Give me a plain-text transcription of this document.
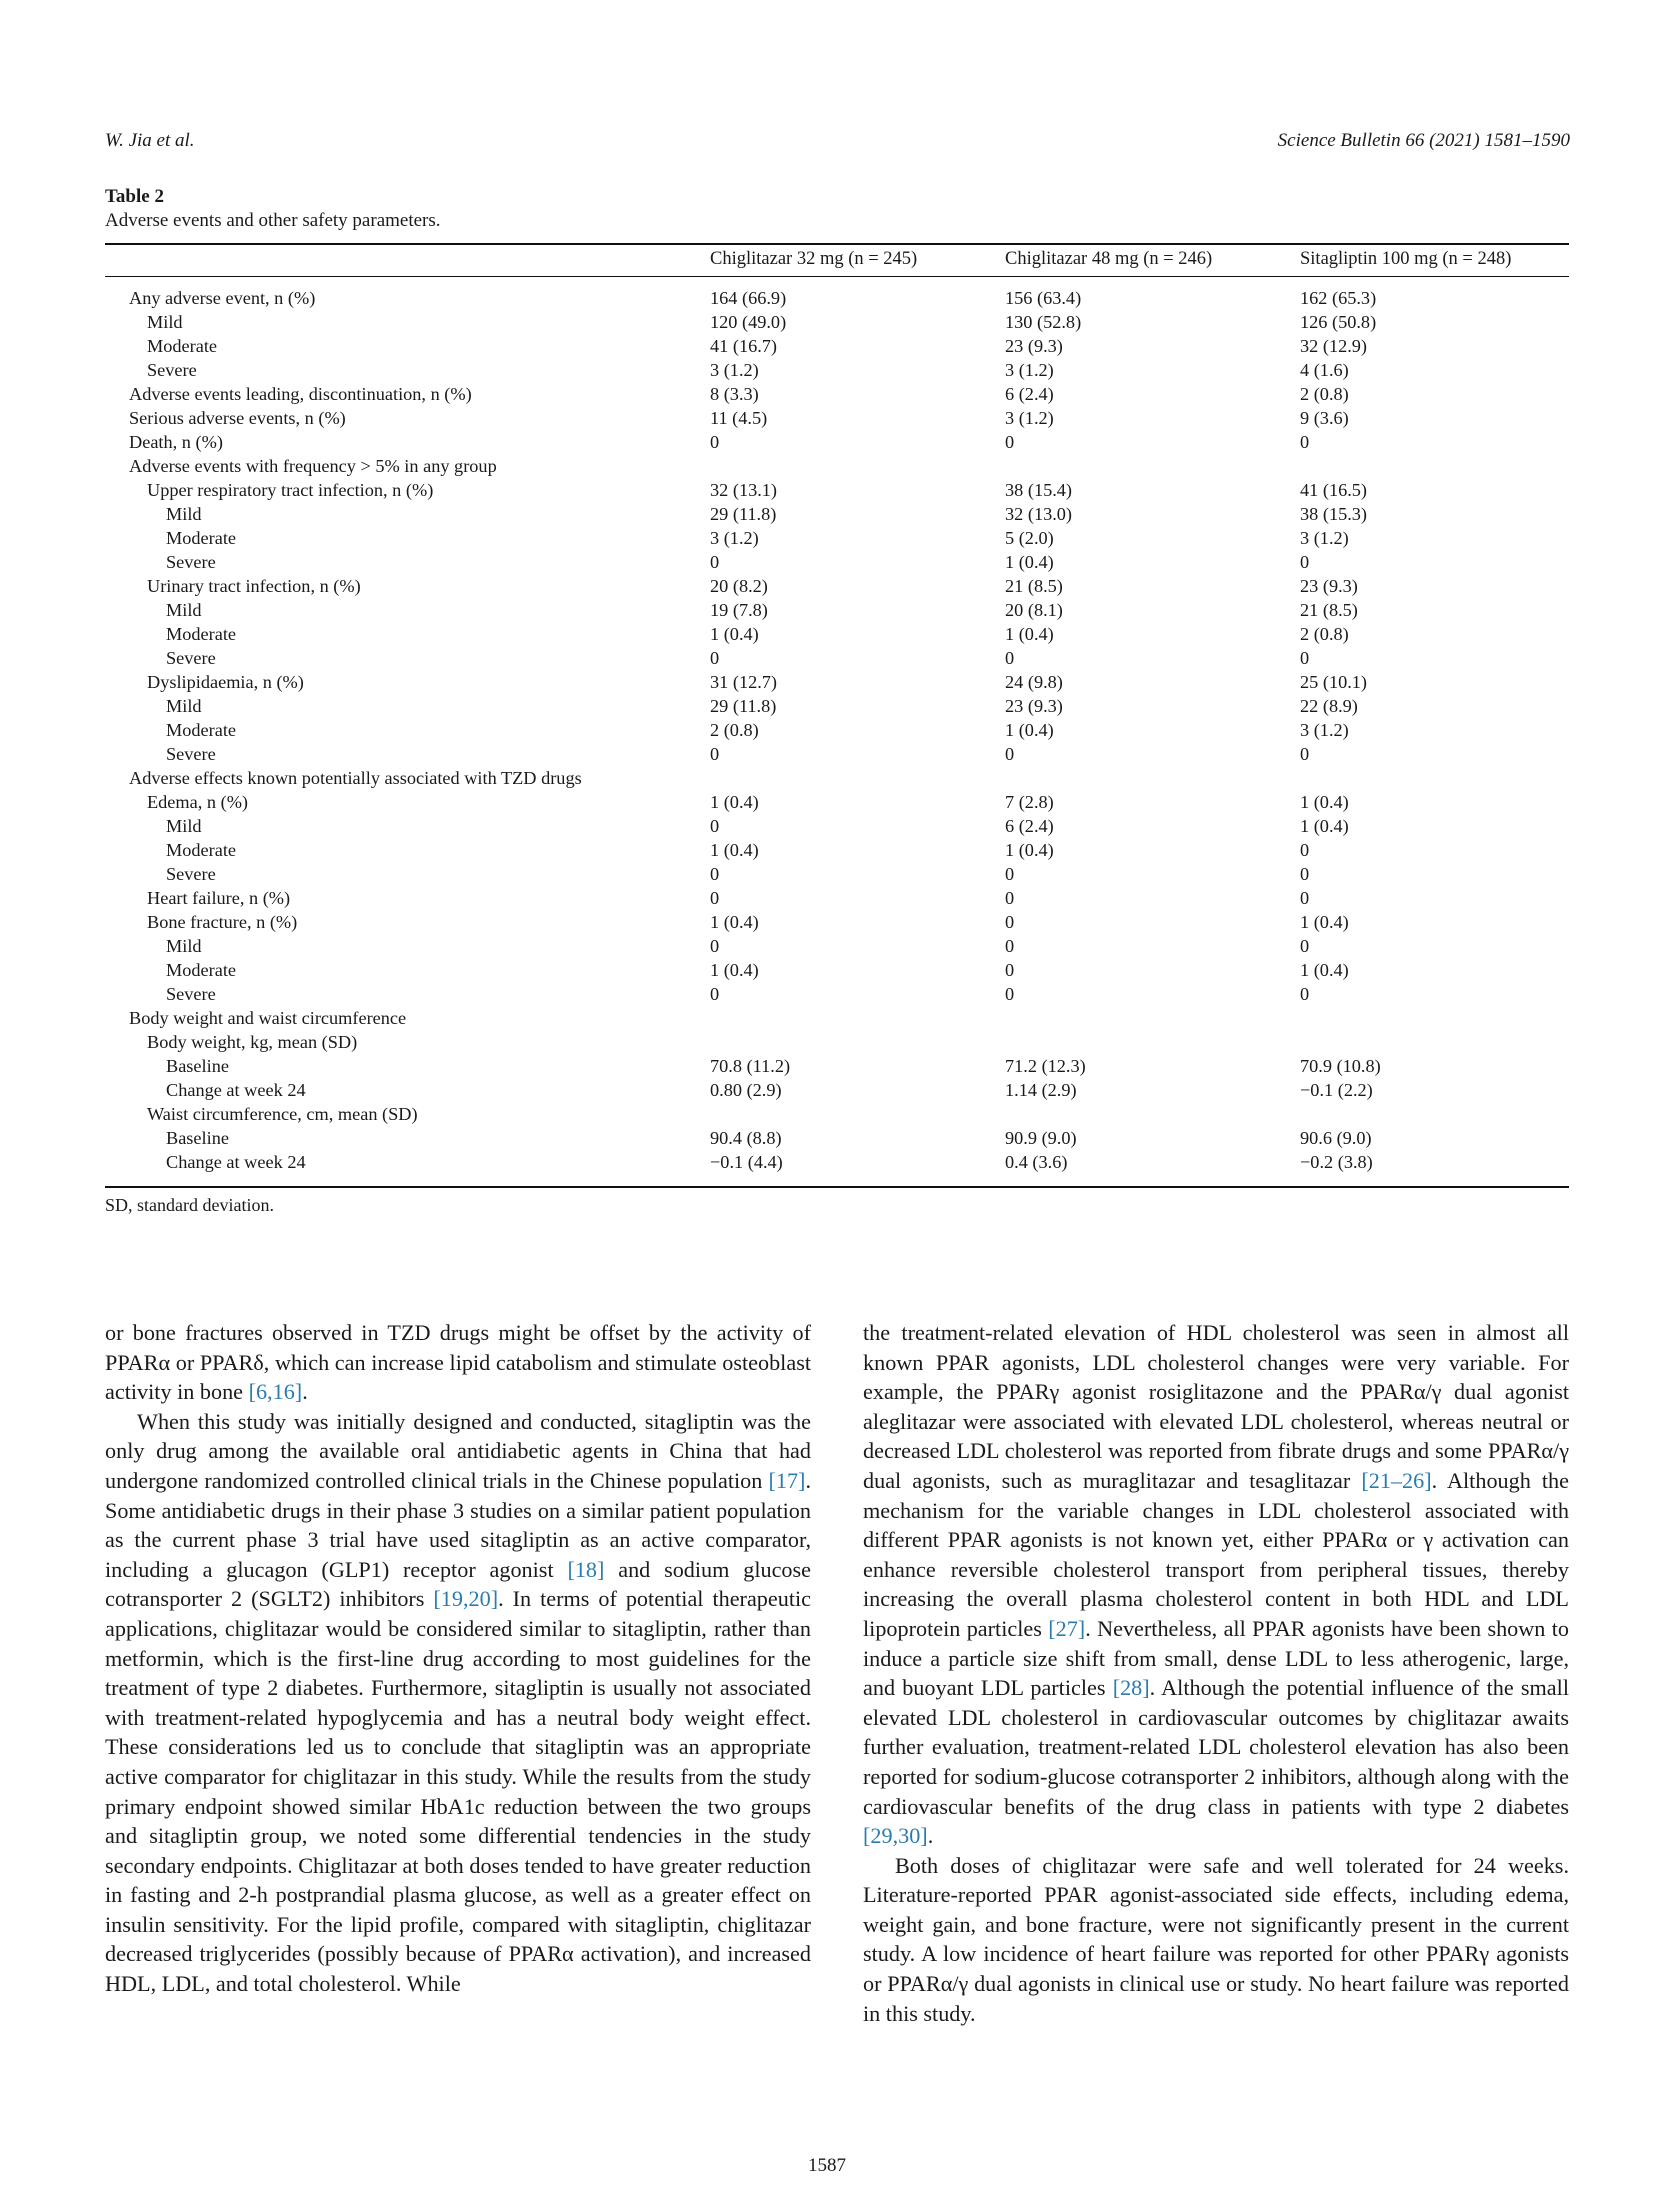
W. Jia et al.	Science Bulletin 66 (2021) 1581–1590
Table 2
Adverse events and other safety parameters.
Chiglitazar 32 mg (n = 245)	Chiglitazar 48 mg (n = 246)	Sitagliptin 100 mg (n = 248)
Any adverse event, n (%)	164 (66.9)	156 (63.4)	162 (65.3)
Mild	120 (49.0)	130 (52.8)	126 (50.8)
Moderate	41 (16.7)	23 (9.3)	32 (12.9)
Severe	3 (1.2)	3 (1.2)	4 (1.6)
Adverse events leading, discontinuation, n (%)	8 (3.3)	6 (2.4)	2 (0.8)
Serious adverse events, n (%)	11 (4.5)	3 (1.2)	9 (3.6)
Death, n (%)	0	0	0
Adverse events with frequency > 5% in any group
Upper respiratory tract infection, n (%)	32 (13.1)	38 (15.4)	41 (16.5)
Mild	29 (11.8)	32 (13.0)	38 (15.3)
Moderate	3 (1.2)	5 (2.0)	3 (1.2)
Severe	0	1 (0.4)	0
Urinary tract infection, n (%)	20 (8.2)	21 (8.5)	23 (9.3)
Mild	19 (7.8)	20 (8.1)	21 (8.5)
Moderate	1 (0.4)	1 (0.4)	2 (0.8)
Severe	0	0	0
Dyslipidaemia, n (%)	31 (12.7)	24 (9.8)	25 (10.1)
Mild	29 (11.8)	23 (9.3)	22 (8.9)
Moderate	2 (0.8)	1 (0.4)	3 (1.2)
Severe	0	0	0
Adverse effects known potentially associated with TZD drugs
Edema, n (%)	1 (0.4)	7 (2.8)	1 (0.4)
Mild	0	6 (2.4)	1 (0.4)
Moderate	1 (0.4)	1 (0.4)	0
Severe	0	0	0
Heart failure, n (%)	0	0	0
Bone fracture, n (%)	1 (0.4)	0	1 (0.4)
Mild	0	0	0
Moderate	1 (0.4)	0	1 (0.4)
Severe	0	0	0
Body weight and waist circumference
Body weight, kg, mean (SD)
Baseline	70.8 (11.2)	71.2 (12.3)	70.9 (10.8)
Change at week 24	0.80 (2.9)	1.14 (2.9)	−0.1 (2.2)
Waist circumference, cm, mean (SD)
Baseline	90.4 (8.8)	90.9 (9.0)	90.6 (9.0)
Change at week 24	−0.1 (4.4)	0.4 (3.6)	−0.2 (3.8)
SD, standard deviation.

or bone fractures observed in TZD drugs might be offset by the activity of PPARα or PPARδ, which can increase lipid catabolism and stimulate osteoblast activity in bone [6,16].

When this study was initially designed and conducted, sitagliptin was the only drug among the available oral antidiabetic agents in China that had undergone randomized controlled clinical trials in the Chinese population [17]. Some antidiabetic drugs in their phase 3 studies on a similar patient population as the current phase 3 trial have used sitagliptin as an active comparator, including a glucagon (GLP1) receptor agonist [18] and sodium glucose cotransporter 2 (SGLT2) inhibitors [19,20]. In terms of potential therapeutic applications, chiglitazar would be considered similar to sitagliptin, rather than metformin, which is the first-line drug according to most guidelines for the treatment of type 2 diabetes. Furthermore, sitagliptin is usually not associated with treatment-related hypoglycemia and has a neutral body weight effect. These considerations led us to conclude that sitagliptin was an appropriate active comparator for chiglitazar in this study. While the results from the study primary endpoint showed similar HbA1c reduction between the two groups and sitagliptin group, we noted some differential tendencies in the study secondary endpoints. Chiglitazar at both doses tended to have greater reduction in fasting and 2-h postprandial plasma glucose, as well as a greater effect on insulin sensitivity. For the lipid profile, compared with sitagliptin, chiglitazar decreased triglycerides (possibly because of PPARα activation), and increased HDL, LDL, and total cholesterol. While

the treatment-related elevation of HDL cholesterol was seen in almost all known PPAR agonists, LDL cholesterol changes were very variable. For example, the PPARγ agonist rosiglitazone and the PPARα/γ dual agonist aleglitazar were associated with elevated LDL cholesterol, whereas neutral or decreased LDL cholesterol was reported from fibrate drugs and some PPARα/γ dual agonists, such as muraglitazar and tesaglitazar [21–26]. Although the mechanism for the variable changes in LDL cholesterol associated with different PPAR agonists is not known yet, either PPARα or γ activation can enhance reversible cholesterol transport from peripheral tissues, thereby increasing the overall plasma cholesterol content in both HDL and LDL lipoprotein particles [27]. Nevertheless, all PPAR agonists have been shown to induce a particle size shift from small, dense LDL to less atherogenic, large, and buoyant LDL particles [28]. Although the potential influence of the small elevated LDL cholesterol in cardiovascular outcomes by chiglitazar awaits further evaluation, treatment-related LDL cholesterol elevation has also been reported for sodium-glucose cotransporter 2 inhibitors, although along with the cardiovascular benefits of the drug class in patients with type 2 diabetes [29,30].

Both doses of chiglitazar were safe and well tolerated for 24 weeks. Literature-reported PPAR agonist-associated side effects, including edema, weight gain, and bone fracture, were not significantly present in the current study. A low incidence of heart failure was reported for other PPARγ agonists or PPARα/γ dual agonists in clinical use or study. No heart failure was reported in this study.

1587
